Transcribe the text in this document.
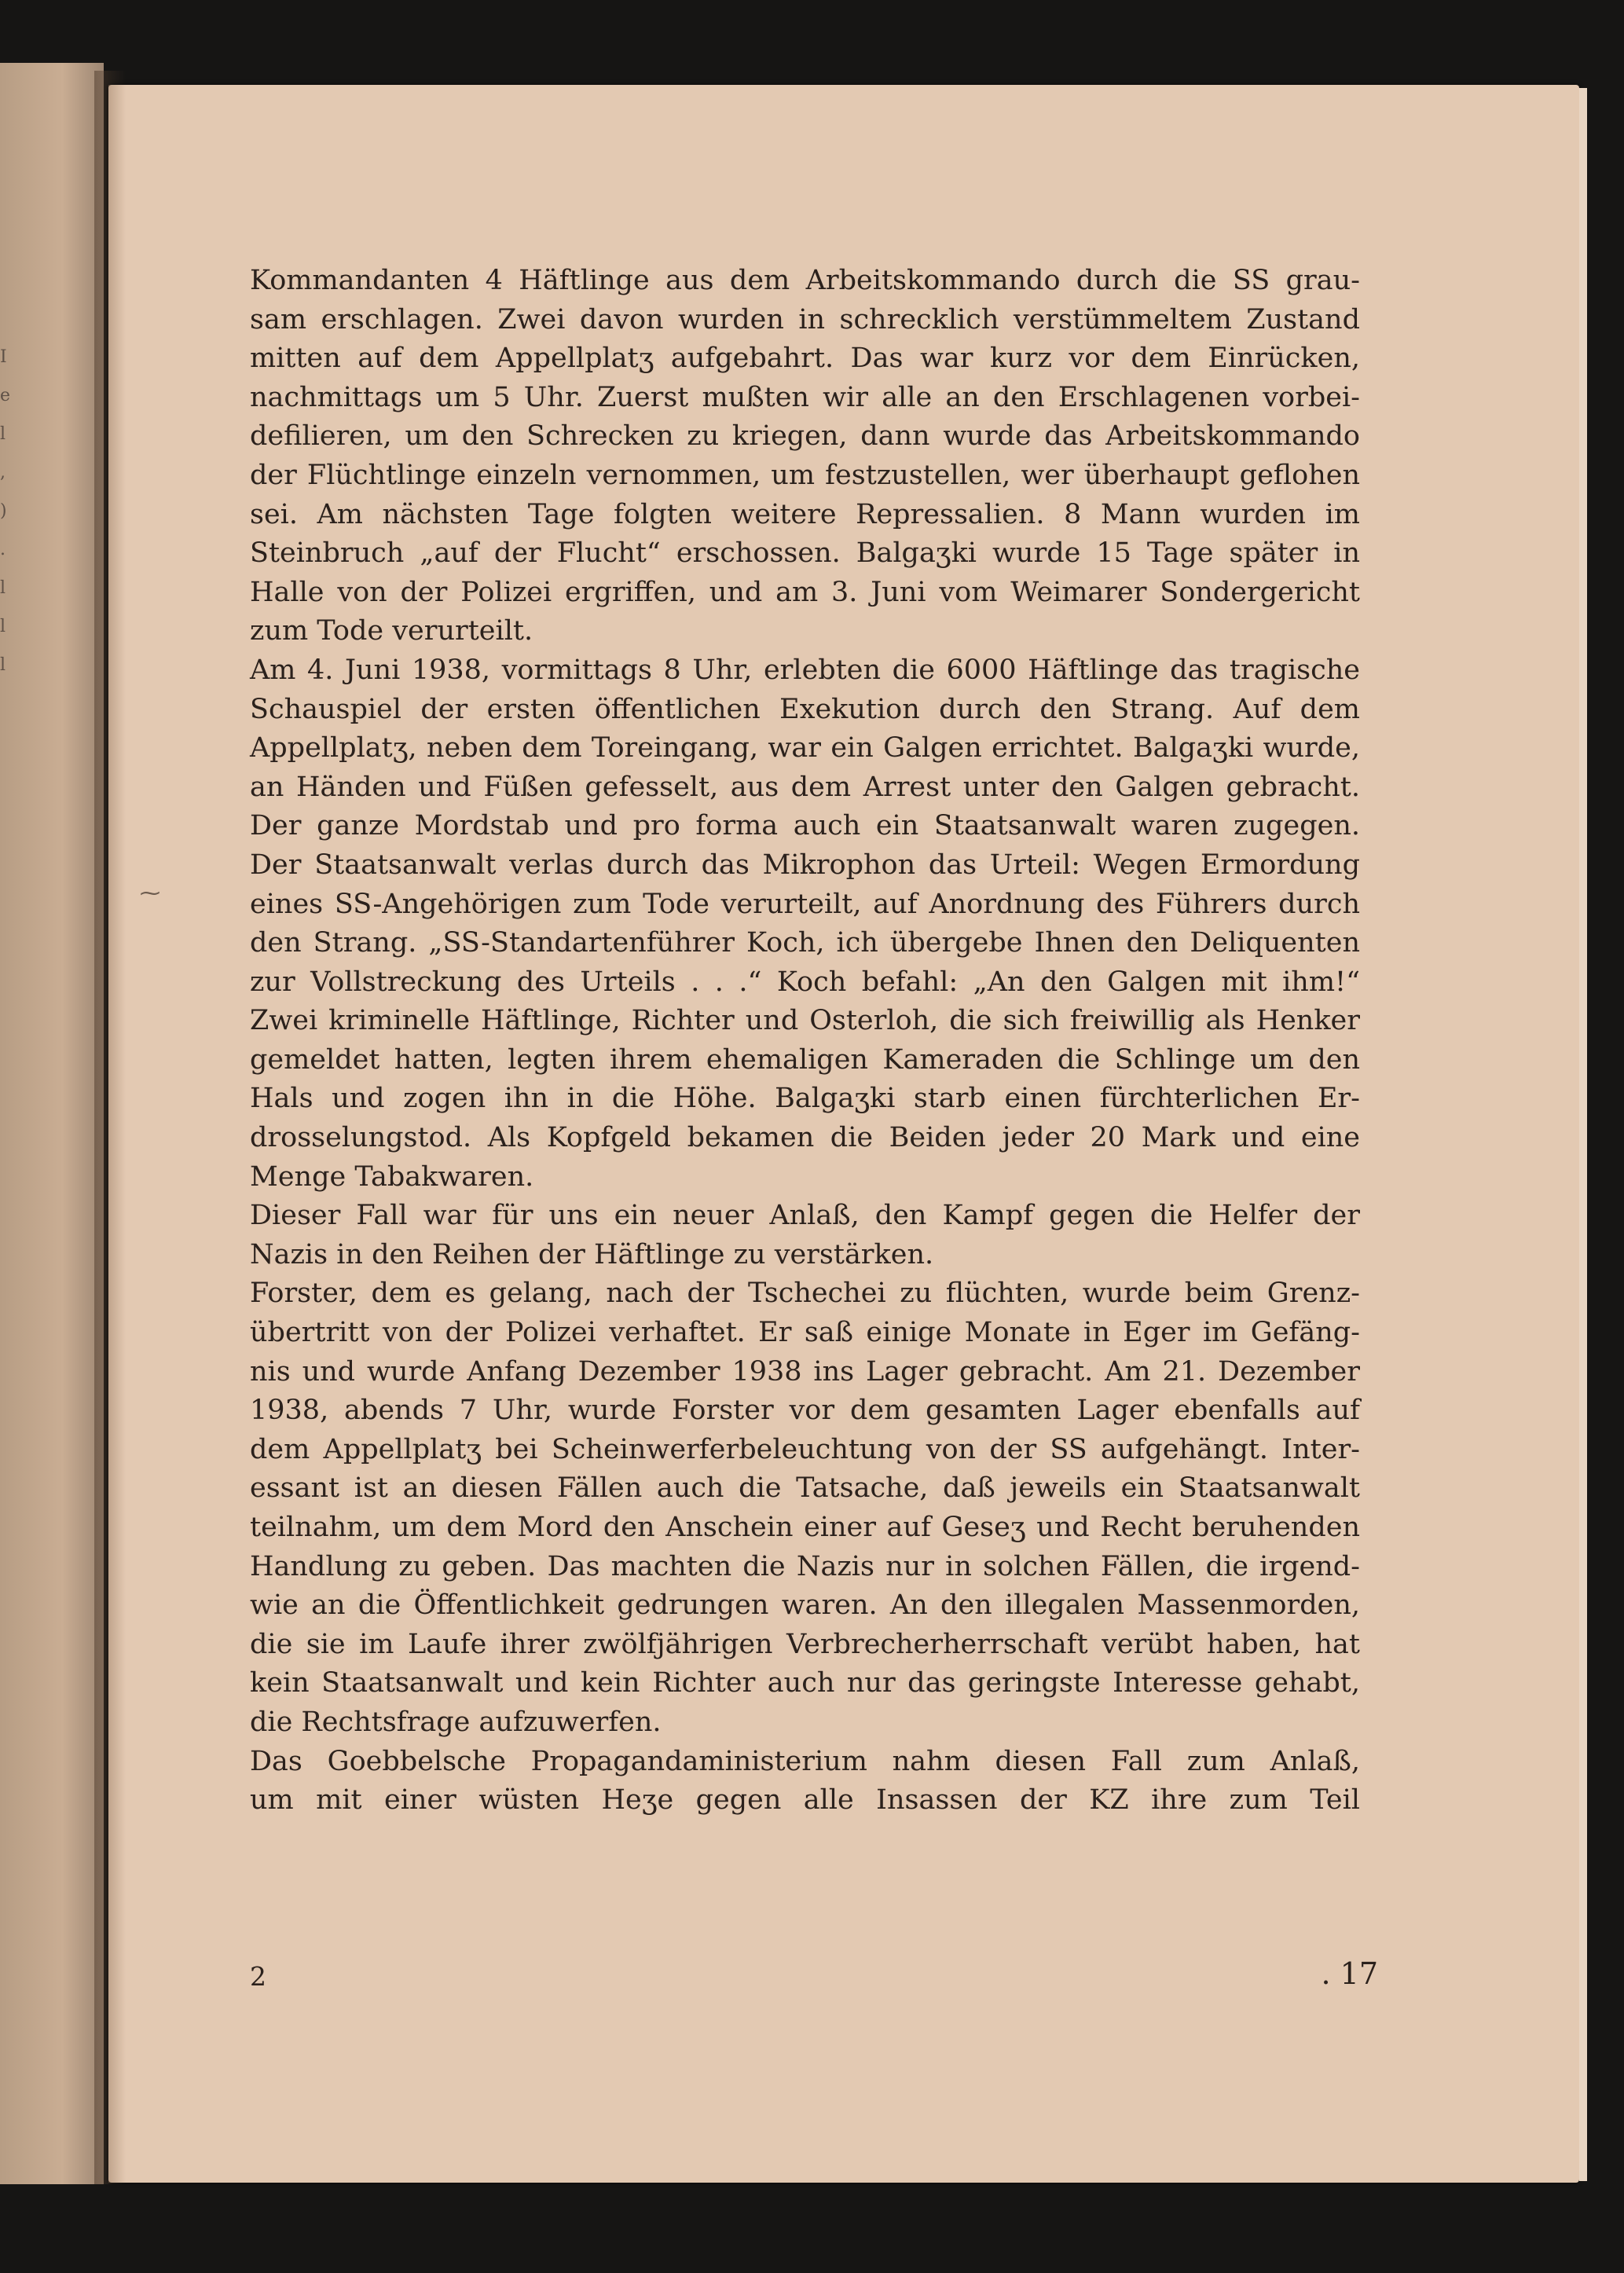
I
e
l
,
)
.
l
l
l
⁓
Kommandanten 4 Häftlinge aus dem Arbeitskommando durch die SS grau-
sam erschlagen. Zwei davon wurden in schrecklich verstümmeltem Zustand
mitten auf dem Appellplatʒ aufgebahrt. Das war kurz vor dem Einrücken,
nachmittags um 5 Uhr. Zuerst mußten wir alle an den Erschlagenen vorbei-
defilieren, um den Schrecken zu kriegen, dann wurde das Arbeitskommando
der Flüchtlinge einzeln vernommen, um festzustellen, wer überhaupt geflohen
sei. Am nächsten Tage folgten weitere Repressalien. 8 Mann wurden im
Steinbruch „auf der Flucht“ erschossen. Balgaʒki wurde 15 Tage später in
Halle von der Polizei ergriffen, und am 3. Juni vom Weimarer Sondergericht
zum Tode verurteilt.
Am 4. Juni 1938, vormittags 8 Uhr, erlebten die 6000 Häftlinge das tragische
Schauspiel der ersten öffentlichen Exekution durch den Strang. Auf dem
Appellplatʒ, neben dem Toreingang, war ein Galgen errichtet. Balgaʒki wurde,
an Händen und Füßen gefesselt, aus dem Arrest unter den Galgen gebracht.
Der ganze Mordstab und pro forma auch ein Staatsanwalt waren zugegen.
Der Staatsanwalt verlas durch das Mikrophon das Urteil: Wegen Ermordung
eines SS-Angehörigen zum Tode verurteilt, auf Anordnung des Führers durch
den Strang. „SS-Standartenführer Koch, ich übergebe Ihnen den Deliquenten
zur Vollstreckung des Urteils . . .“ Koch befahl: „An den Galgen mit ihm!“
Zwei kriminelle Häftlinge, Richter und Osterloh, die sich freiwillig als Henker
gemeldet hatten, legten ihrem ehemaligen Kameraden die Schlinge um den
Hals und zogen ihn in die Höhe. Balgaʒki starb einen fürchterlichen Er-
drosselungstod. Als Kopfgeld bekamen die Beiden jeder 20 Mark und eine
Menge Tabakwaren.
Dieser Fall war für uns ein neuer Anlaß, den Kampf gegen die Helfer der
Nazis in den Reihen der Häftlinge zu verstärken.
Forster, dem es gelang, nach der Tschechei zu flüchten, wurde beim Grenz-
übertritt von der Polizei verhaftet. Er saß einige Monate in Eger im Gefäng-
nis und wurde Anfang Dezember 1938 ins Lager gebracht. Am 21. Dezember
1938, abends 7 Uhr, wurde Forster vor dem gesamten Lager ebenfalls auf
dem Appellplatʒ bei Scheinwerferbeleuchtung von der SS aufgehängt. Inter-
essant ist an diesen Fällen auch die Tatsache, daß jeweils ein Staatsanwalt
teilnahm, um dem Mord den Anschein einer auf Geseʒ und Recht beruhenden
Handlung zu geben. Das machten die Nazis nur in solchen Fällen, die irgend-
wie an die Öffentlichkeit gedrungen waren. An den illegalen Massenmorden,
die sie im Laufe ihrer zwölfjährigen Verbrecherherrschaft verübt haben, hat
kein Staatsanwalt und kein Richter auch nur das geringste Interesse gehabt,
die Rechtsfrage aufzuwerfen.
Das Goebbelsche Propagandaministerium nahm diesen Fall zum Anlaß,
um mit einer wüsten Heʒe gegen alle Insassen der KZ ihre zum Teil
2	. 17
